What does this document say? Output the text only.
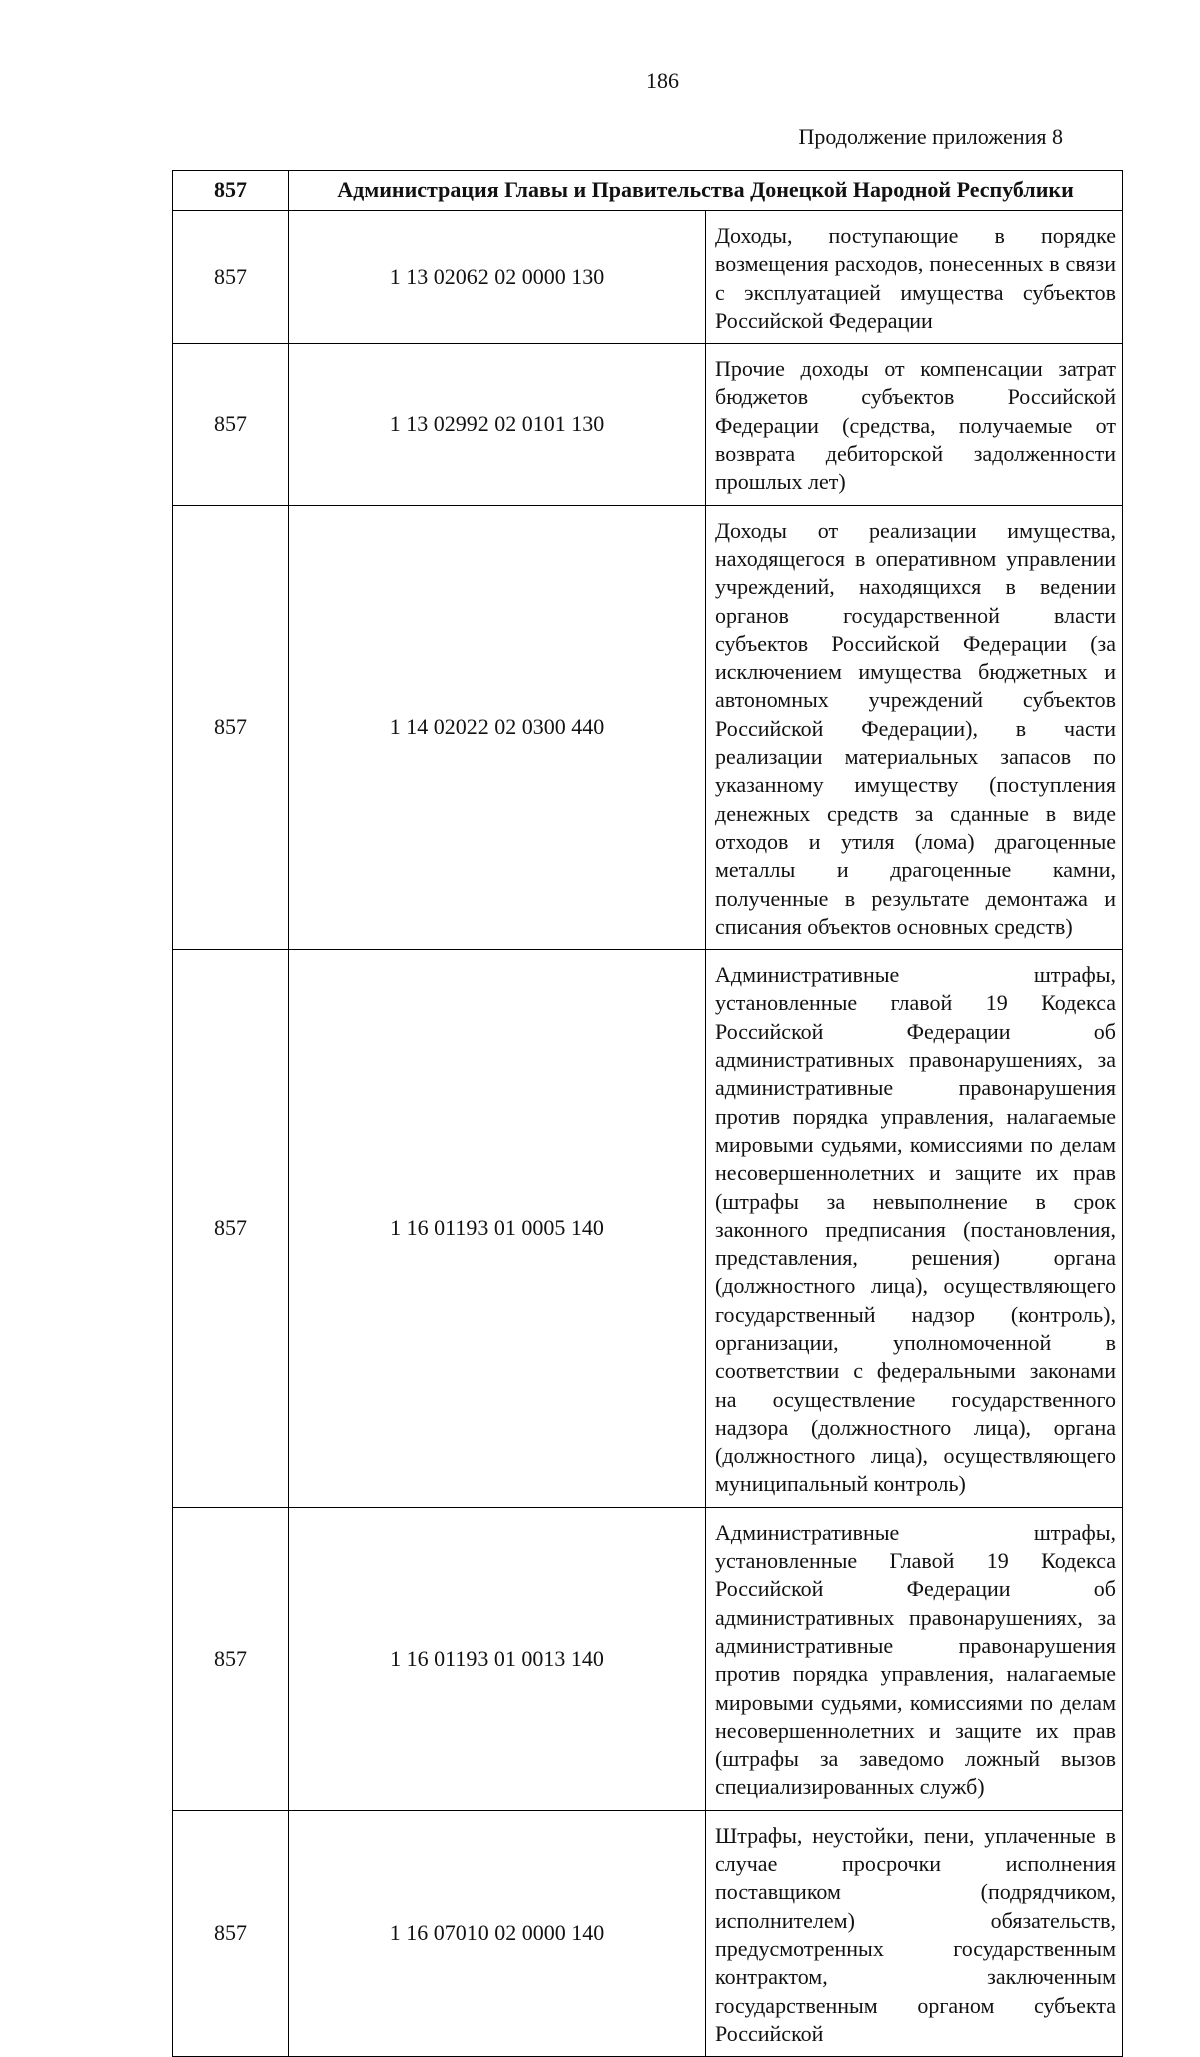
186
Продолжение приложения 8
857	Администрация Главы и Правительства Донецкой Народной Республики	
857	1 13 02062 02 0000 130	Доходы, поступающие в порядке возмещения расходов, понесенных в связи с эксплуатацией имущества субъектов Российской Федерации
857	1 13 02992 02 0101 130	Прочие доходы от компенсации затрат бюджетов субъектов Российской Федерации (средства, получаемые от возврата дебиторской задолженности прошлых лет)
857	1 14 02022 02 0300 440	Доходы от реализации имущества, находящегося в оперативном управлении учреждений, находящихся в ведении органов государственной власти субъектов Российской Федерации (за исключением имущества бюджетных и автономных учреждений субъектов Российской Федерации), в части реализации материальных запасов по указанному имуществу (поступления денежных средств за сданные в виде отходов и утиля (лома) драгоценные металлы и драгоценные камни, полученные в результате демонтажа и списания объектов основных средств)
857	1 16 01193 01 0005 140	Административные штрафы, установленные главой 19 Кодекса Российской Федерации об административных правонарушениях, за административные правонарушения против порядка управления, налагаемые мировыми судьями, комиссиями по делам несовершеннолетних и защите их прав (штрафы за невыполнение в срок законного предписания (постановления, представления, решения) органа (должностного лица), осуществляющего государственный надзор (контроль), организации, уполномоченной в соответствии с федеральными законами на осуществление государственного надзора (должностного лица), органа (должностного лица), осуществляющего муниципальный контроль)
857	1 16 01193 01 0013 140	Административные штрафы, установленные Главой 19 Кодекса Российской Федерации об административных правонарушениях, за административные правонарушения против порядка управления, налагаемые мировыми судьями, комиссиями по делам несовершеннолетних и защите их прав (штрафы за заведомо ложный вызов специализированных служб)
857	1 16 07010 02 0000 140	Штрафы, неустойки, пени, уплаченные в случае просрочки исполнения поставщиком (подрядчиком, исполнителем) обязательств, предусмотренных государственным контрактом, заключенным государственным органом субъекта Российской
